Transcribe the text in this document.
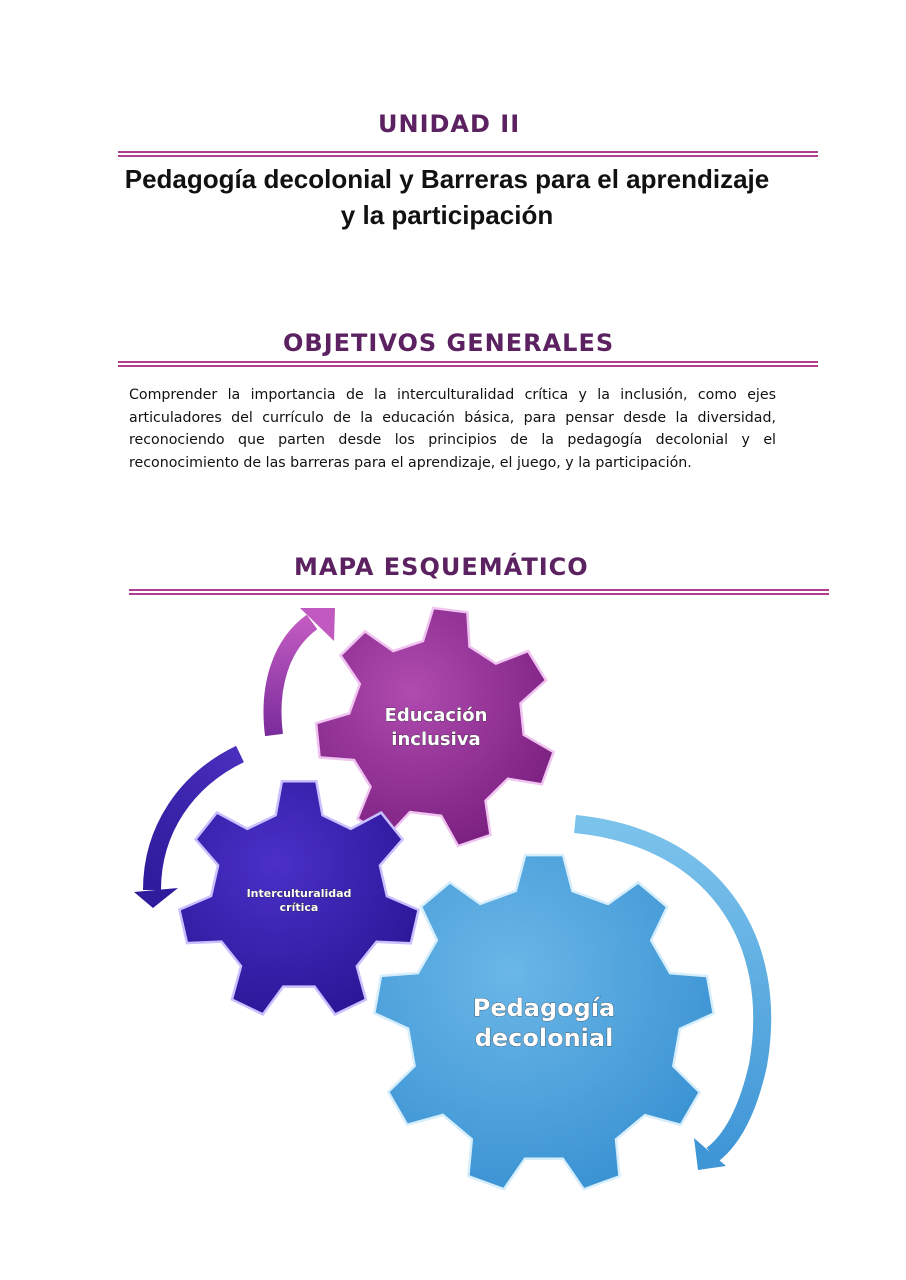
UNIDAD II
Pedagogía decolonial y Barreras para el aprendizaje
y la participación
OBJETIVOS GENERALES

Comprender la importancia de la interculturalidad crítica y la inclusión, como ejes articuladores del currículo de la educación básica, para pensar desde la diversidad, reconociendo que parten desde los principios de la pedagogía decolonial y el reconocimiento de las barreras para el aprendizaje, el juego, y la participación.

MAPA ESQUEMÁTICO
Educación
inclusiva
Interculturalidad
crítica
Pedagogía
decolonial
